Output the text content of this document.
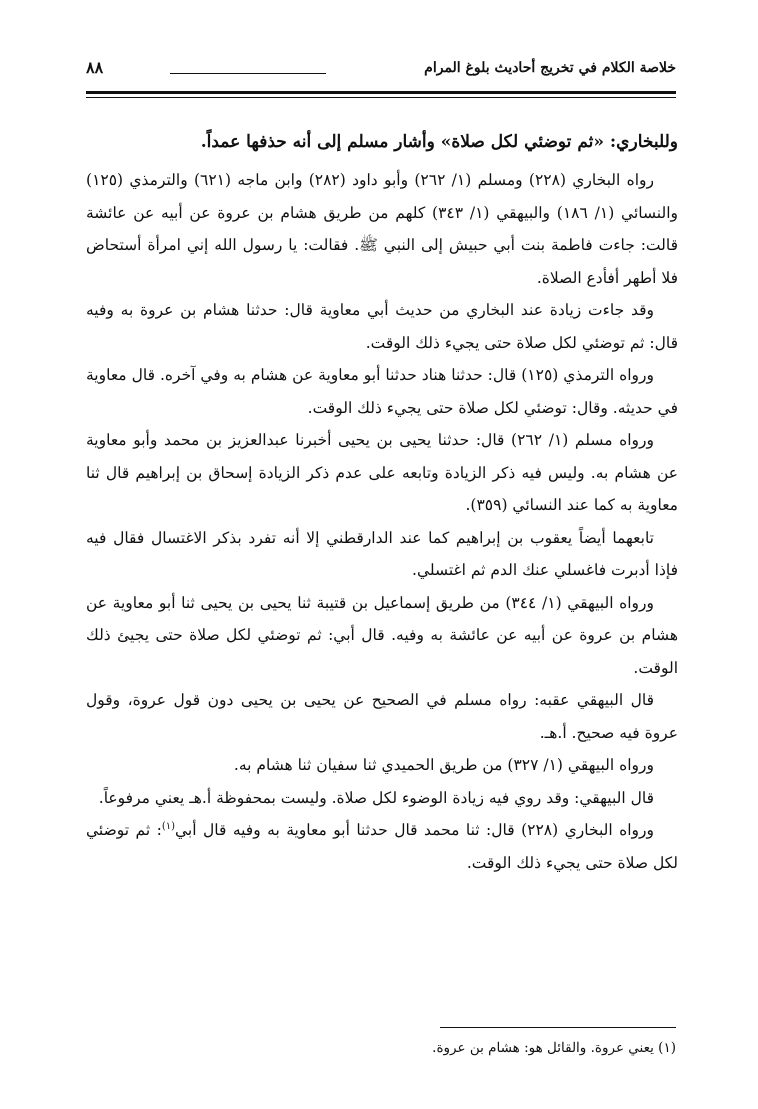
خلاصة الكلام في تخريج أحاديث بلوغ المرام
٨٨

وللبخاري: «ثم توضئي لكل صلاة» وأشار مسلم إلى أنه حذفها عمداً.

رواه البخاري (٢٢٨) ومسلم (١/ ٢٦٢) وأبو داود (٢٨٢) وابن ماجه (٦٢١) والترمذي (١٢٥) والنسائي (١/ ١٨٦) والبيهقي (١/ ٣٤٣) كلهم من طريق هشام بن عروة عن أبيه عن عائشة قالت: جاءت فاطمة بنت أبي حبيش إلى النبي ﷺ. فقالت: يا رسول الله إني امرأة أستحاض فلا أطهر أفأدع الصلاة.

وقد جاءت زيادة عند البخاري من حديث أبي معاوية قال: حدثنا هشام بن عروة به وفيه قال: ثم توضئي لكل صلاة حتى يجيء ذلك الوقت.

ورواه الترمذي (١٢٥) قال: حدثنا هناد حدثنا أبو معاوية عن هشام به وفي آخره. قال معاوية في حديثه. وقال: توضئي لكل صلاة حتى يجيء ذلك الوقت.

ورواه مسلم (١/ ٢٦٢) قال: حدثنا يحيى بن يحيى أخبرنا عبدالعزيز بن محمد وأبو معاوية عن هشام به. وليس فيه ذكر الزيادة وتابعه على عدم ذكر الزيادة إسحاق بن إبراهيم قال ثنا معاوية به كما عند النسائي (٣٥٩).

تابعهما أيضاً يعقوب بن إبراهيم كما عند الدارقطني إلا أنه تفرد بذكر الاغتسال فقال فيه فإذا أدبرت فاغسلي عنك الدم ثم اغتسلي.

ورواه البيهقي (١/ ٣٤٤) من طريق إسماعيل بن قتيبة ثنا يحيى بن يحيى ثنا أبو معاوية عن هشام بن عروة عن أبيه عن عائشة به وفيه. قال أبي: ثم توضئي لكل صلاة حتى يجيئ ذلك الوقت.

قال البيهقي عقبه: رواه مسلم في الصحيح عن يحيى بن يحيى دون قول عروة، وقول عروة فيه صحيح. أ.هـ.

ورواه البيهقي (١/ ٣٢٧) من طريق الحميدي ثنا سفيان ثنا هشام به.

قال البيهقي: وقد روي فيه زيادة الوضوء لكل صلاة. وليست بمحفوظة أ.هـ يعني مرفوعاً.

ورواه البخاري (٢٢٨) قال: ثنا محمد قال حدثنا أبو معاوية به وفيه قال أبي$^{(١)}$: ثم توضئي لكل صلاة حتى يجيء ذلك الوقت.

(١) يعني عروة. والقائل هو: هشام بن عروة.
